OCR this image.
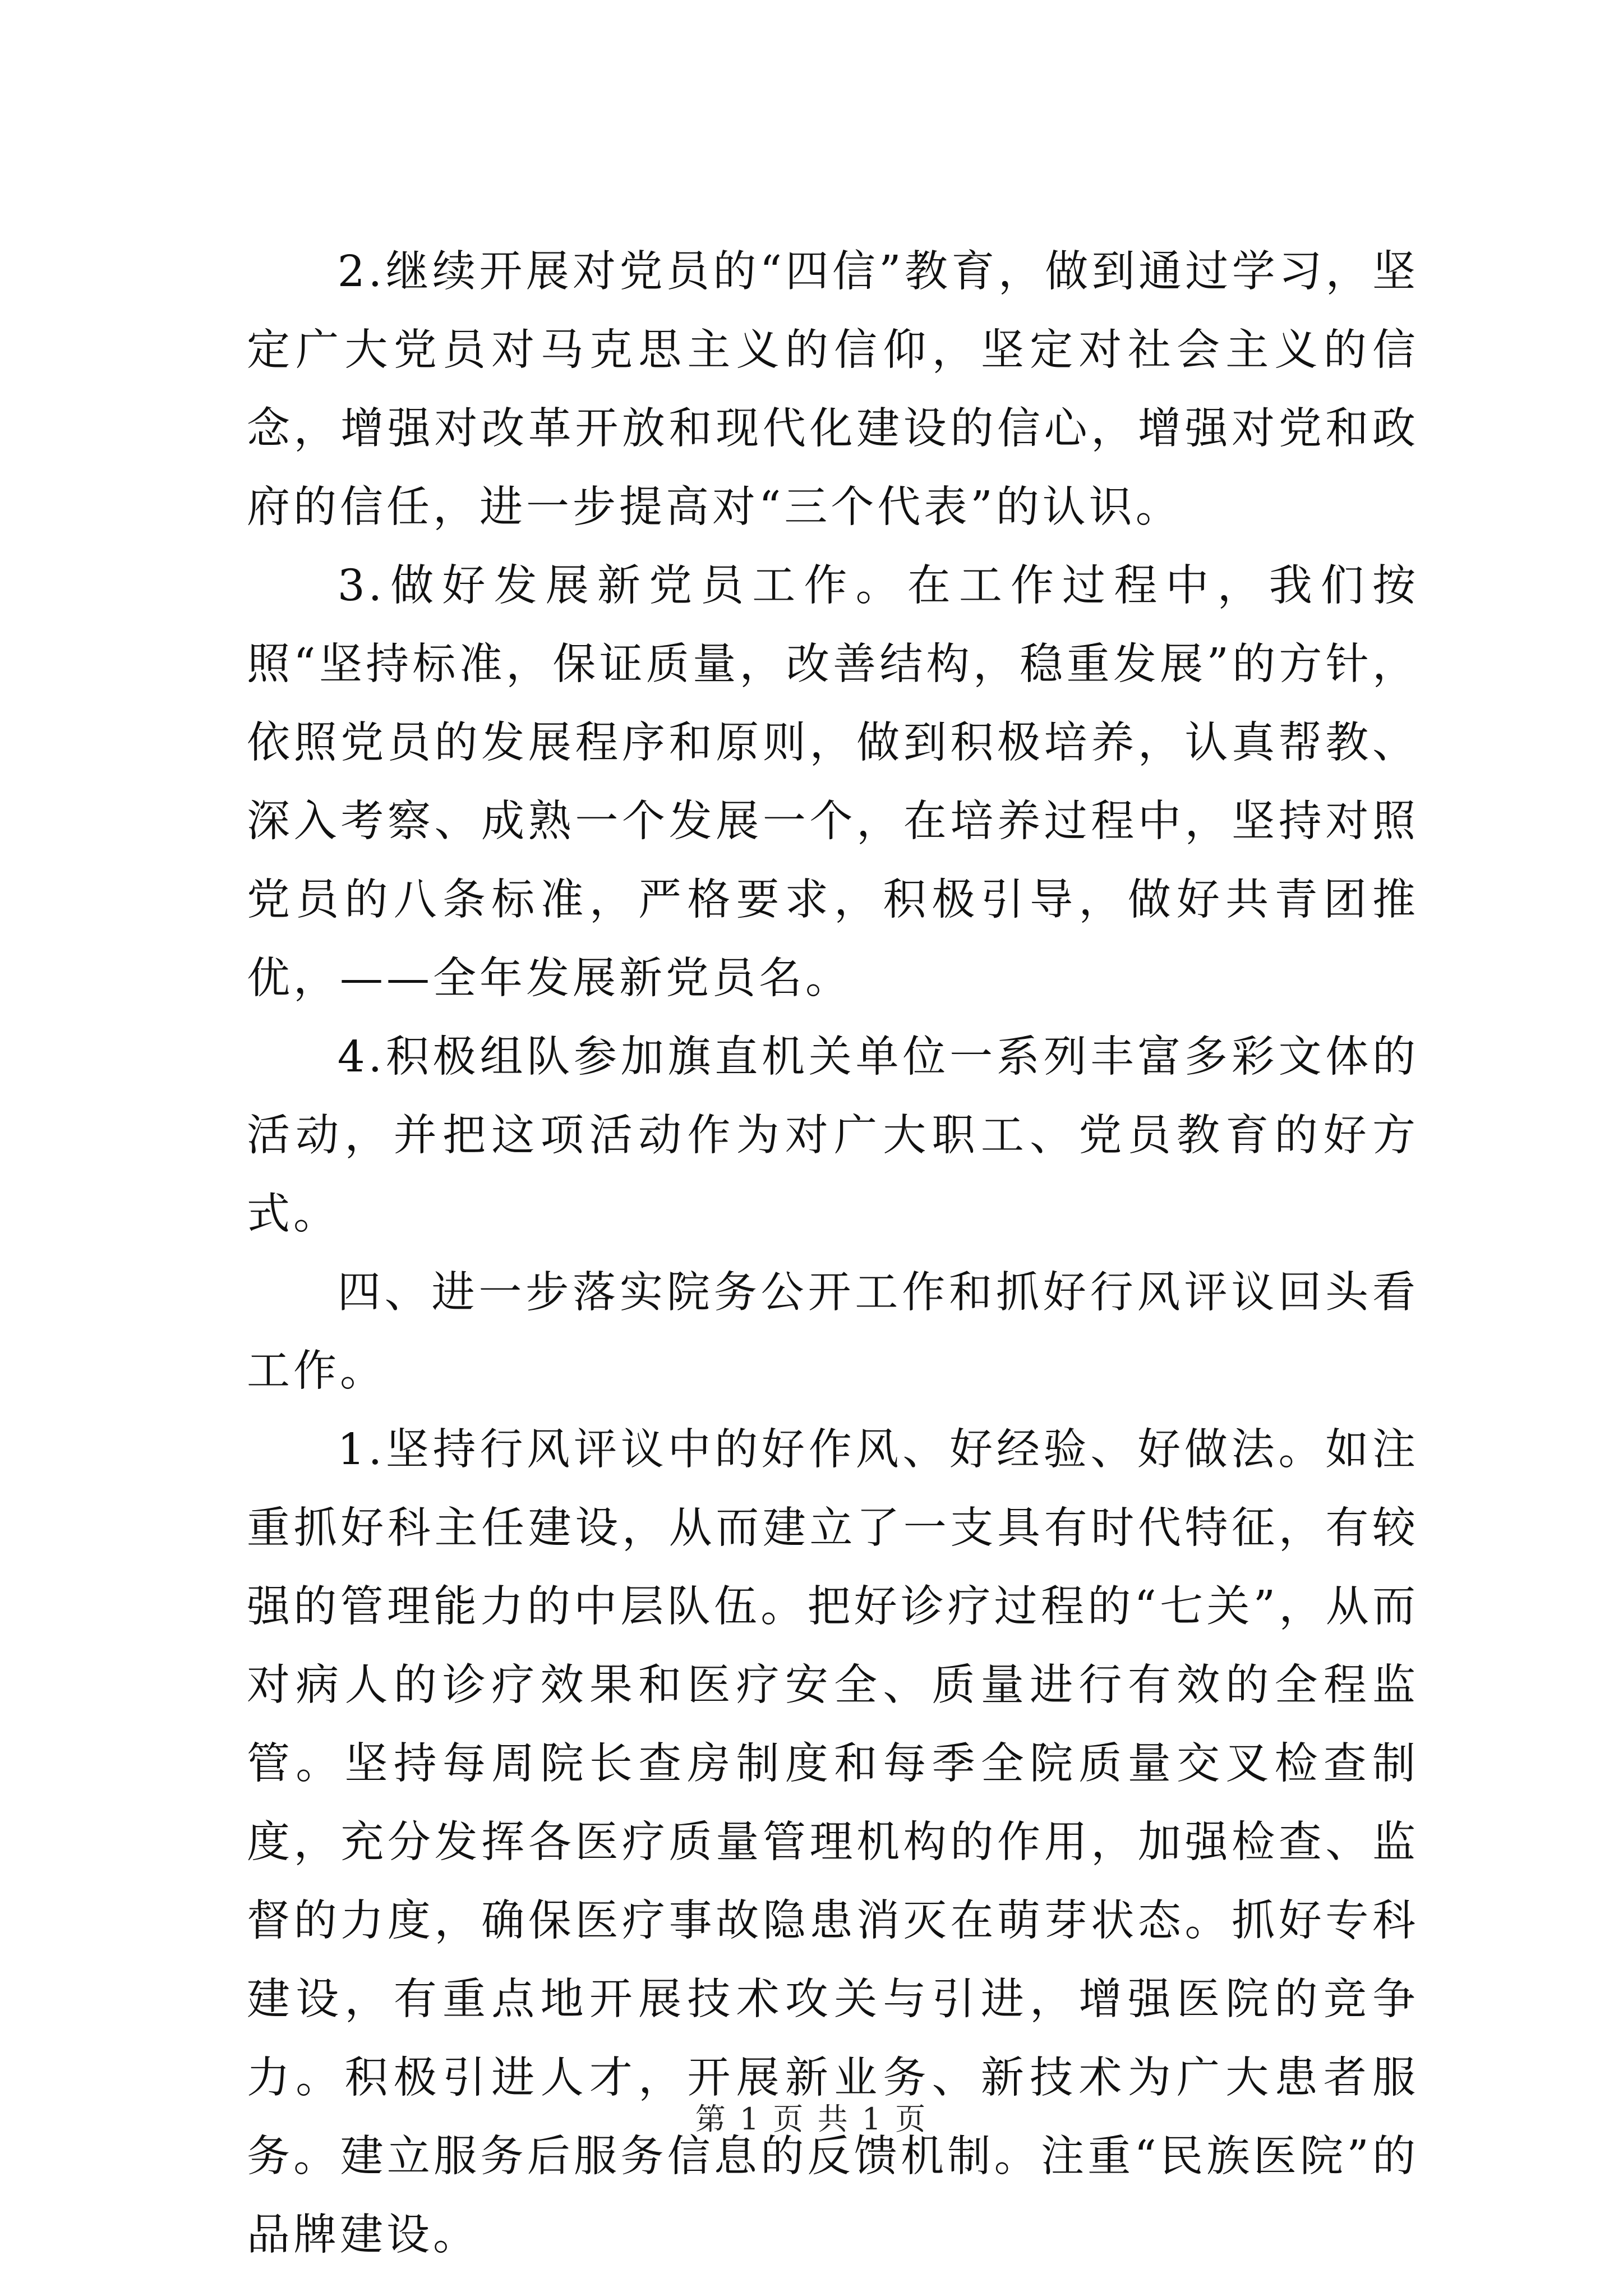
2.继续开展对党员的“四信”教育，做到通过学习，坚定广大党员对马克思主义的信仰，坚定对社会主义的信念，增强对改革开放和现代化建设的信心，增强对党和政府的信任，进一步提高对“三个代表”的认识。

3.做好发展新党员工作。在工作过程中，我们按照“坚持标准，保证质量，改善结构，稳重发展”的方针，依照党员的发展程序和原则，做到积极培养，认真帮教、深入考察、成熟一个发展一个，在培养过程中，坚持对照党员的八条标准，严格要求，积极引导，做好共青团推优，——全年发展新党员名。

4.积极组队参加旗直机关单位一系列丰富多彩文体的活动，并把这项活动作为对广大职工、党员教育的好方式。

四、进一步落实院务公开工作和抓好行风评议回头看工作。

1.坚持行风评议中的好作风、好经验、好做法。如注重抓好科主任建设，从而建立了一支具有时代特征，有较强的管理能力的中层队伍。把好诊疗过程的“七关”，从而对病人的诊疗效果和医疗安全、质量进行有效的全程监管。坚持每周院长查房制度和每季全院质量交叉检查制度，充分发挥各医疗质量管理机构的作用，加强检查、监督的力度，确保医疗事故隐患消灭在萌芽状态。抓好专科建设，有重点地开展技术攻关与引进，增强医院的竞争力。积极引进人才，开展新业务、新技术为广大患者服务。建立服务后服务信息的反馈机制。注重“民族医院”的品牌建设。

第 1 页 共 1 页
